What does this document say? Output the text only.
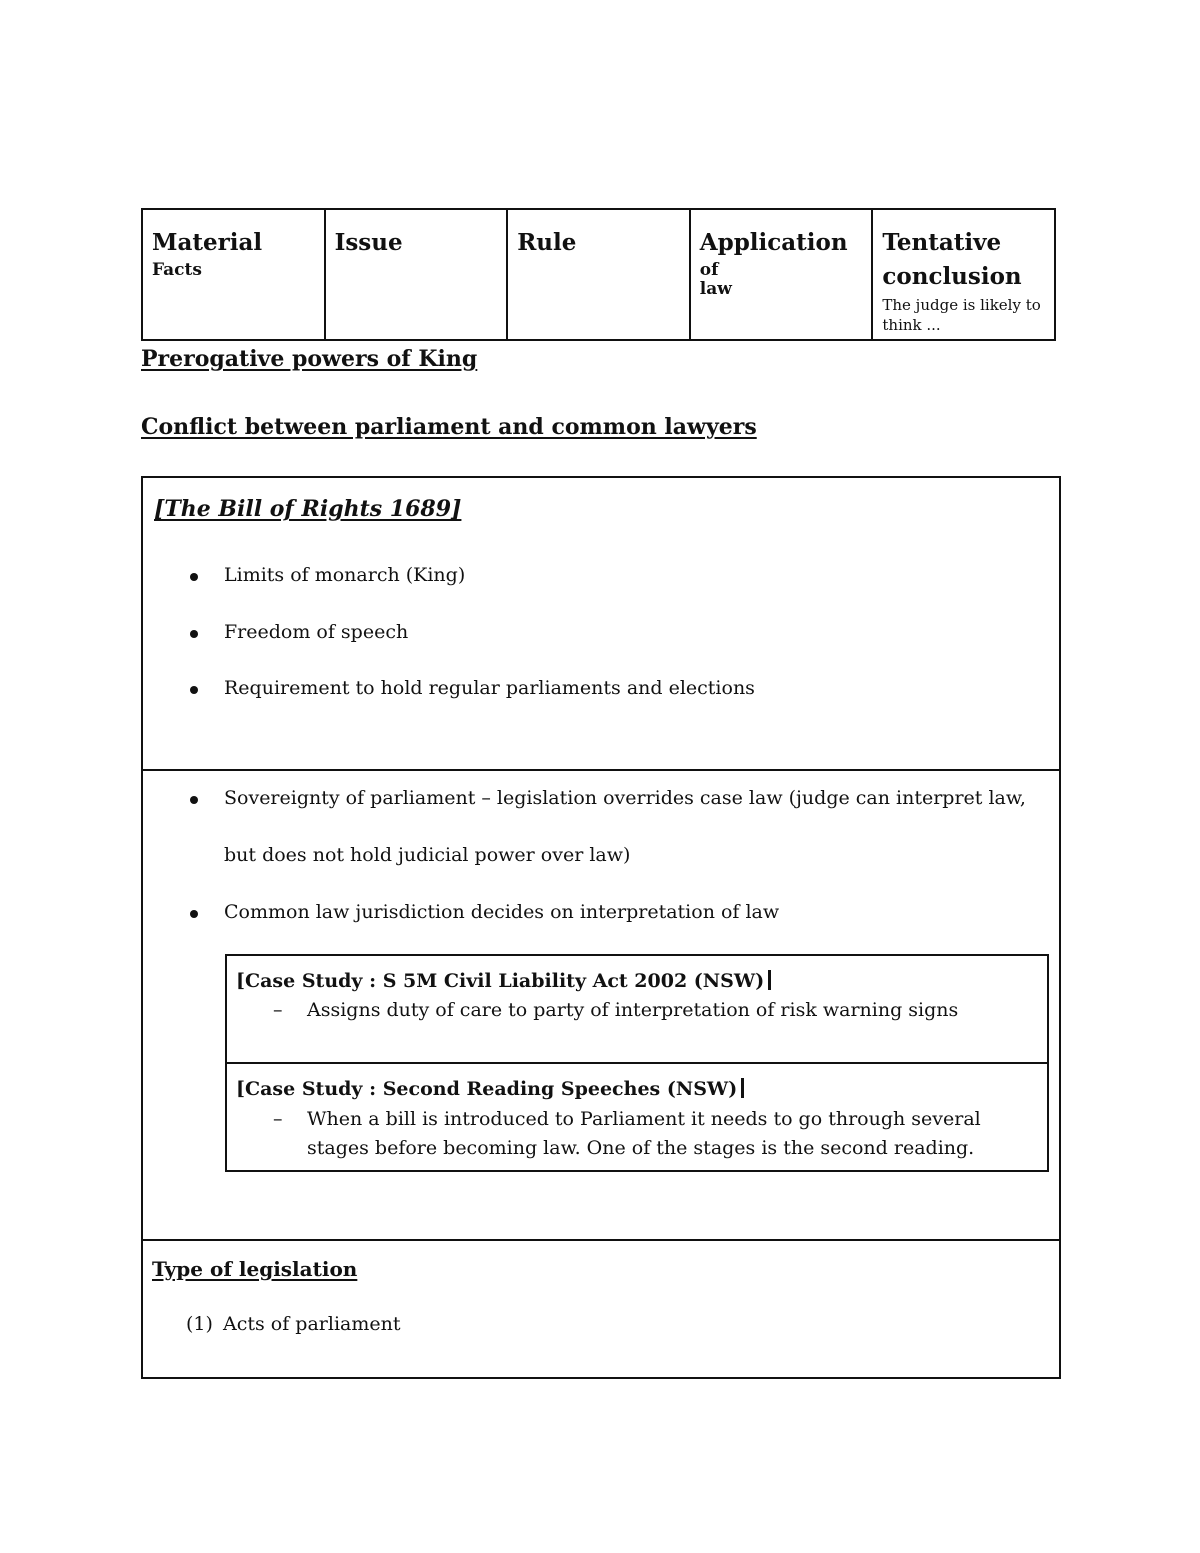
Material Facts
Issue	Rule	Application of
law
Tentative
conclusion
The judge is likely to
think ...
Prerogative powers of King
Conflict between parliament and common lawyers
[The Bill of Rights 1689]
Limits of monarch (King)
Freedom of speech
Requirement to hold regular parliaments and elections
Sovereignty of parliament – legislation overrides case law (judge can interpret law,
but does not hold judicial power over law)
Common law jurisdiction decides on interpretation of law
[Case Study : S 5M Civil Liability Act 2002 (NSW)
– Assigns duty of care to party of interpretation of risk warning signs
[Case Study : Second Reading Speeches (NSW)
– When a bill is introduced to Parliament it needs to go through several
stages before becoming law. One of the stages is the second reading.
Type of legislation
(1) Acts of parliament
